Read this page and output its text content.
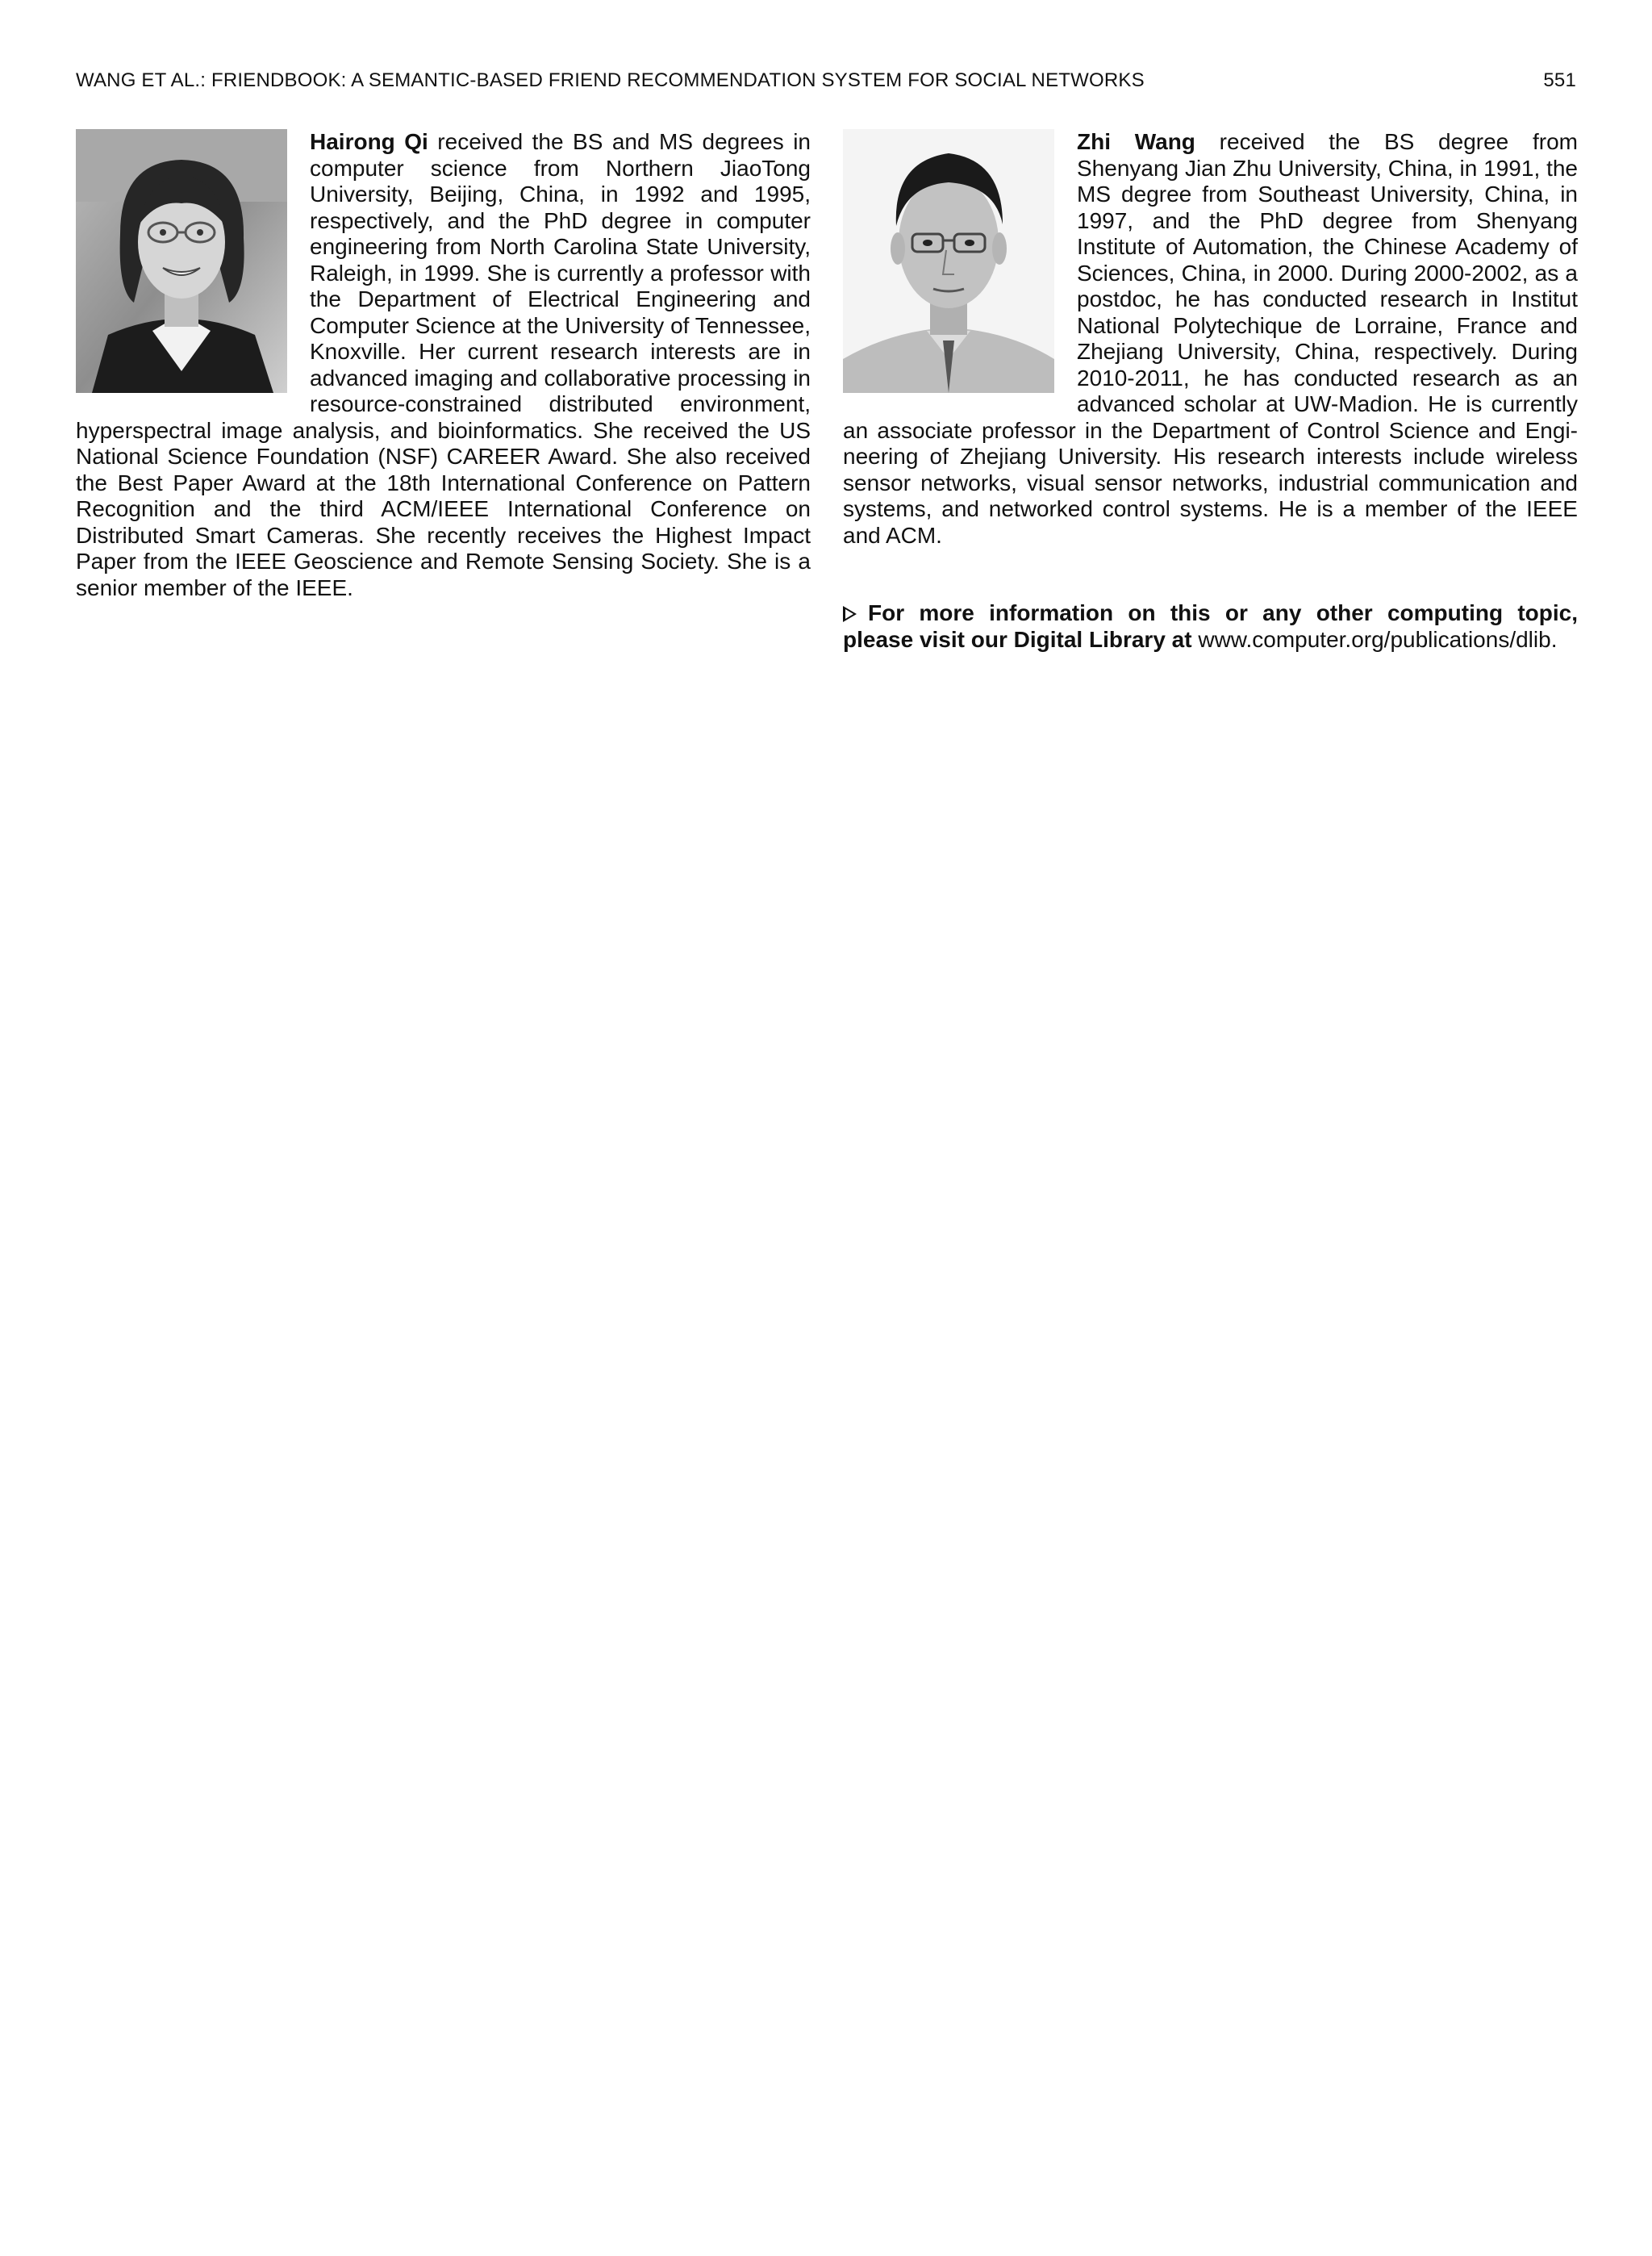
WANG ET AL.: FRIENDBOOK: A SEMANTIC-BASED FRIEND RECOMMENDATION SYSTEM FOR SOCIAL NETWORKS	551

Hairong Qi received the BS and MS degrees in computer science from Northern JiaoTong University, Beijing, China, in 1992 and 1995, respectively, and the PhD degree in computer engineering from North Carolina State University, Raleigh, in 1999. She is currently a professor with the Department of Electrical Engineering and Computer Science at the University of Tennessee, Knoxville. Her current research interests are in advanced imaging and collaborative processing in resource-constrained distributed environment, hyperspectral image analysis, and bioinformatics. She received the US National Science Foundation (NSF) CAREER Award. She also received the Best Paper Award at the 18th International Conference on Pattern Recognition and the third ACM/IEEE International Conference on Distributed Smart Cameras. She recently receives the Highest Impact Paper from the IEEE Geoscience and Remote Sensing Society. She is a senior member of the IEEE.

Zhi Wang received the BS degree from Shenyang Jian Zhu University, China, in 1991, the MS degree from Southeast University, China, in 1997, and the PhD degree from Shenyang Institute of Automation, the Chinese Academy of Sciences, China, in 2000. During 2000-2002, as a postdoc, he has conducted research in Institut National Polytechique de Lorraine, France and Zhejiang University, China, respectively. During 2010-2011, he has conducted research as an advanced scholar at UW-Madion. He is currently an associate professor in the Department of Control Science and Engineering of Zhejiang University. His research interests include wireless sensor networks, visual sensor networks, industrial communication and systems, and networked control systems. He is a member of the IEEE and ACM.

For more information on this or any other computing topic, please visit our Digital Library at www.computer.org/publications/dlib.
